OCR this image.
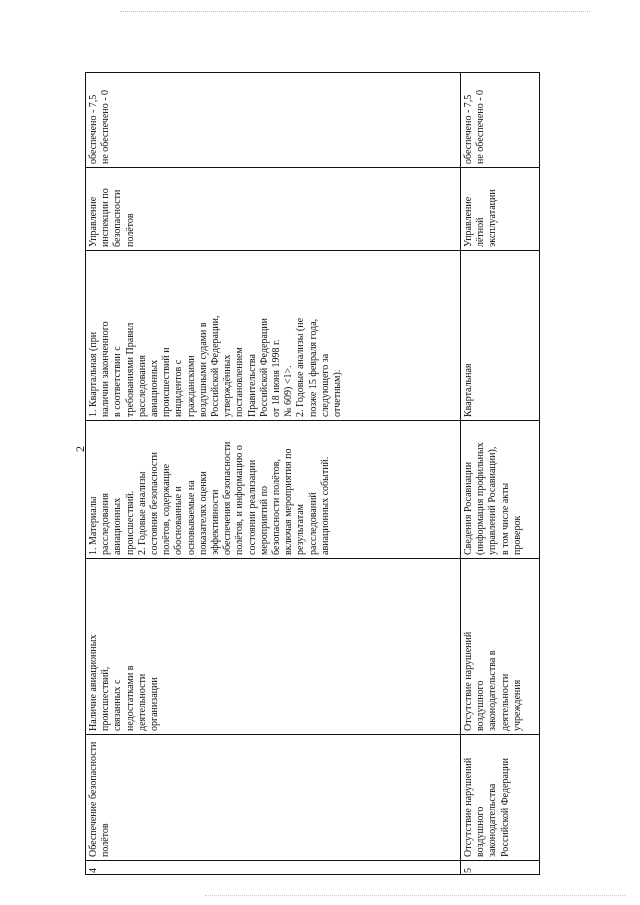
2
4
Обеспечение безопасности
полётов
Наличие авиационных
происшествий,
связанных с
недостатками в
деятельности
организации
1. Материалы
расследования
авиационных
происшествий.
2. Годовые анализы
состояния безопасности
полётов, содержащие
обоснованные и
основываемые на
показателях оценки
эффективности
обеспечения безопасности
полётов, и информацию о
состоянии реализации
мероприятий по
безопасности полётов,
включая мероприятия по
результатам
расследований
авиационных событий.
1. Квартальная (при
наличии законченного
в соответствии с
требованиями Правил
расследования
авиационных
происшествий и
инцидентов с
гражданскими
воздушными судами в
Российской Федерации,
утверждённых
постановлением
Правительства
Российской Федерации
от 18 июня 1998 г.
№ 609) <1>.
2. Годовые анализы (не
позже 15 февраля года,
следующего за
отчетным).
Управление
инспекции по
безопасности
полётов
обеспечено - 7,5
не обеспечено - 0
5
Отсутствие нарушений
воздушного
законодательства
Российской Федерации
Отсутствие нарушений
воздушного
законодательства в
деятельности
учреждения
Сведения Росавиации
(информация профильных
управлений Росавиации),
в том числе акты
проверок
Квартальная
Управление лётной
эксплуатации
обеспечено - 7,5
не обеспечено - 0
